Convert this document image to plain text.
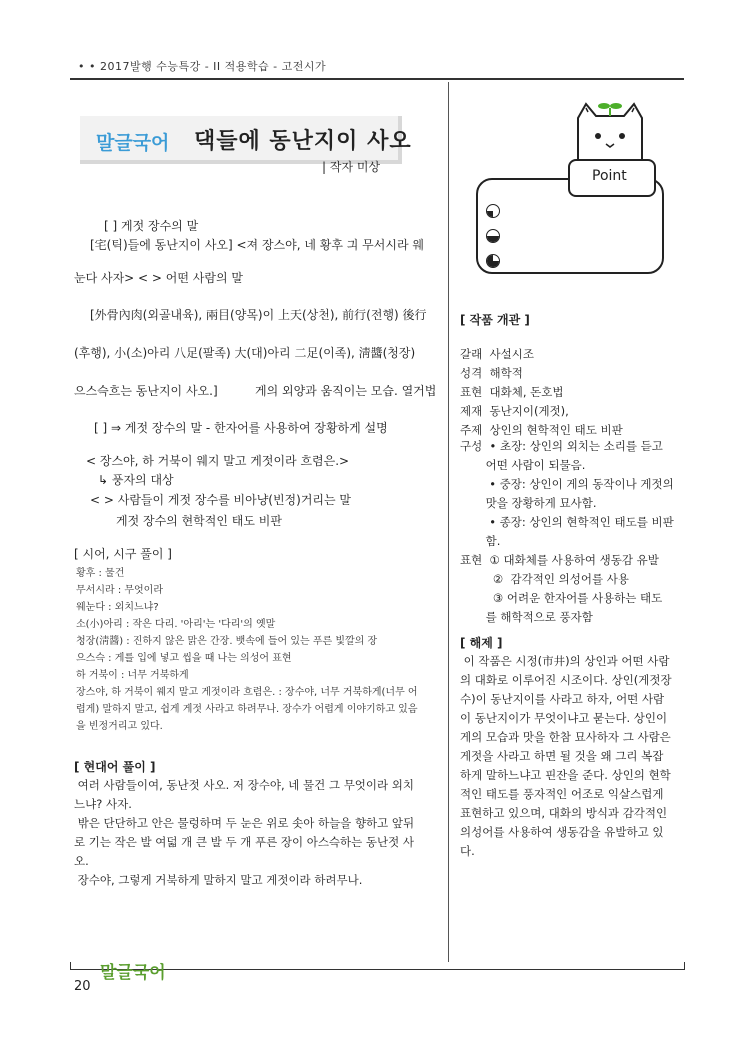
• • 2017발행 수능특강 - II 적용학습 - 고전시가
20
말글국어
말글국어 댁들에 동난지이 사오
| 작자 미상
[ ] 게젓 장수의 말
[宅(틱)들에 동난지이 사오] <져 장스야, 네 황후 긔 무서시라 웨
눈다 사자> < > 어떤 사람의 말
[外骨內肉(외골내육), 兩目(양목)이 上天(상천), 前行(전행) 後行
(후행), 小(소)아리 八足(팔족) 大(대)아리 二足(이족), 淸醬(청장)
으스슥흐는 동난지이 사오.]	게의 외양과 움직이는 모습. 열거법
[ ] ⇒ 게젓 장수의 말 - 한자어를 사용하여 장황하게 설명
< 장스야, 하 거북이 웨지 말고 게젓이라 흐렴은.>
↳ 풍자의 대상
< > 사람들이 게젓 장수를 비아냥(빈정)거리는 말
게젓 장수의 현학적인 태도 비판
[ 시어, 시구 풀이 ]
황후 : 물건
무서시라 : 무엇이라
웨눈다 : 외치느냐?
소(小)아리 : 작은 다리. '아리'는 '다리'의 옛말
청장(淸醬) : 진하지 않은 맑은 간장. 뱃속에 들어 있는 푸른 빛깔의 장
으스슥 : 게를 입에 넣고 씹을 때 나는 의성어 표현
하 거북이 : 너무 거북하게
장스야, 하 거북이 웨지 말고 게젓이라 흐렴은. : 장수야, 너무 거북하게(너무 어
렵게) 말하지 말고, 쉽게 게젓 사라고 하려무나. 장수가 어렵게 이야기하고 있음
을 빈정거리고 있다.
[ 현대어 풀이 ]
여러 사람들이여, 동난젓 사오. 저 장수야, 네 물건 그 무엇이라 외치
느냐? 사자.
밖은 단단하고 안은 물렁하며 두 눈은 위로 솟아 하늘을 향하고 앞뒤
로 기는 작은 발 여덟 개 큰 발 두 개 푸른 장이 아스슥하는 동난젓 사
오.
장수야, 그렇게 거북하게 말하지 말고 게젓이라 하려무나.
Point
[ 작품 개관 ]
갈래  사설시조
성격  해학적
표현  대화체, 돈호법
제재  동난지이(게젓),
주제  상인의 현학적인 태도 비판
구성  • 초장: 상인의 외치는 소리를 듣고
어떤 사람이 되물음.
• 중장: 상인이 게의 동작이나 게젓의
맛을 장황하게 묘사함.
• 종장: 상인의 현학적인 태도를 비판
함.
표현  ① 대화체를 사용하여 생동감 유발
②  감각적인 의성어를 사용
③ 어려운 한자어를 사용하는 태도
를 해학적으로 풍자함
[ 해제 ]
이 작품은 시정(市井)의 상인과 어떤 사람
의 대화로 이루어진 시조이다. 상인(게젓장
수)이 동난지이를 사라고 하자, 어떤 사람
이 동난지이가 무엇이냐고 묻는다. 상인이
게의 모습과 맛을 한참 묘사하자 그 사람은
게젓을 사라고 하면 될 것을 왜 그리 복잡
하게 말하느냐고 핀잔을 준다. 상인의 현학
적인 태도를 풍자적인 어조로 익살스럽게
표현하고 있으며, 대화의 방식과 감각적인
의성어를 사용하여 생동감을 유발하고 있
다.
